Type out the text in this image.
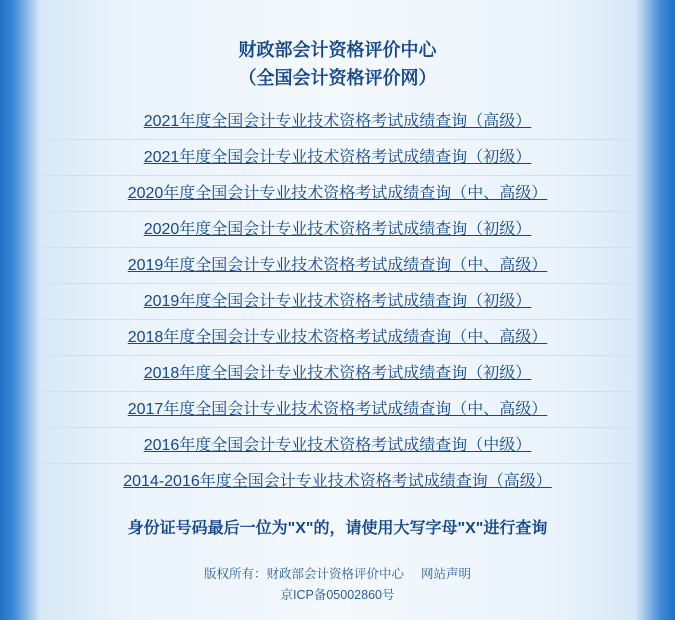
财政部会计资格评价中心
（全国会计资格评价网）
2021年度全国会计专业技术资格考试成绩查询（高级）
2021年度全国会计专业技术资格考试成绩查询（初级）
2020年度全国会计专业技术资格考试成绩查询（中、高级）
2020年度全国会计专业技术资格考试成绩查询（初级）
2019年度全国会计专业技术资格考试成绩查询（中、高级）
2019年度全国会计专业技术资格考试成绩查询（初级）
2018年度全国会计专业技术资格考试成绩查询（中、高级）
2018年度全国会计专业技术资格考试成绩查询（初级）
2017年度全国会计专业技术资格考试成绩查询（中、高级）
2016年度全国会计专业技术资格考试成绩查询（中级）
2014-2016年度全国会计专业技术资格考试成绩查询（高级）
身份证号码最后一位为"X"的，请使用大写字母"X"进行查询
版权所有：财政部会计资格评价中心 网站声明
京ICP备05002860号
